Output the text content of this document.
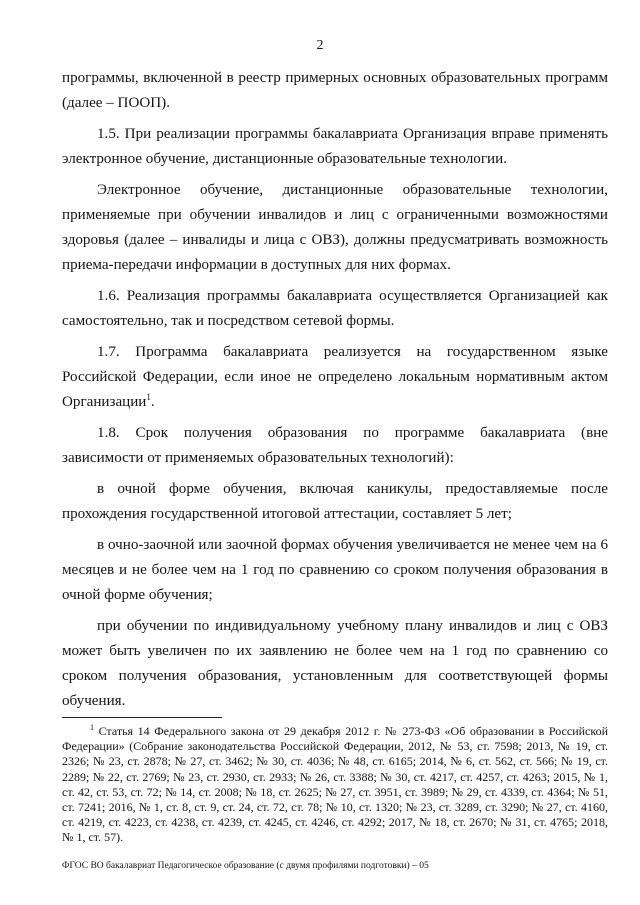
2

программы, включенной в реестр примерных основных образовательных программ (далее – ПООП).

1.5. При реализации программы бакалавриата Организация вправе применять электронное обучение, дистанционные образовательные технологии.

Электронное обучение, дистанционные образовательные технологии, применяемые при обучении инвалидов и лиц с ограниченными возможностями здоровья (далее – инвалиды и лица с ОВЗ), должны предусматривать возможность приема-передачи информации в доступных для них формах.

1.6. Реализация программы бакалавриата осуществляется Организацией как самостоятельно, так и посредством сетевой формы.

1.7. Программа бакалавриата реализуется на государственном языке Российской Федерации, если иное не определено локальным нормативным актом Организации$^1$.

1.8. Срок получения образования по программе бакалавриата (вне зависимости от применяемых образовательных технологий):

в очной форме обучения, включая каникулы, предоставляемые после прохождения государственной итоговой аттестации, составляет 5 лет;

в очно-заочной или заочной формах обучения увеличивается не менее чем на 6 месяцев и не более чем на 1 год по сравнению со сроком получения образования в очной форме обучения;

при обучении по индивидуальному учебному плану инвалидов и лиц с ОВЗ может быть увеличен по их заявлению не более чем на 1 год по сравнению со сроком получения образования, установленным для соответствующей формы обучения.

$^1$ Статья 14 Федерального закона от 29 декабря 2012 г. № 273-ФЗ «Об образовании в Российской Федерации» (Собрание законодательства Российской Федерации, 2012, № 53, ст. 7598; 2013, № 19, ст. 2326; № 23, ст. 2878; № 27, ст. 3462; № 30, ст. 4036; № 48, ст. 6165; 2014, № 6, ст. 562, ст. 566; № 19, ст. 2289; № 22, ст. 2769; № 23, ст. 2930, ст. 2933; № 26, ст. 3388; № 30, ст. 4217, ст. 4257, ст. 4263; 2015, № 1, ст. 42, ст. 53, ст. 72; № 14, ст. 2008; № 18, ст. 2625; № 27, ст. 3951, ст. 3989; № 29, ст. 4339, ст. 4364; № 51, ст. 7241; 2016, № 1, ст. 8, ст. 9, ст. 24, ст. 72, ст. 78; № 10, ст. 1320; № 23, ст. 3289, ст. 3290; № 27, ст. 4160, ст. 4219, ст. 4223, ст. 4238, ст. 4239, ст. 4245, ст. 4246, ст. 4292; 2017, № 18, ст. 2670; № 31, ст. 4765; 2018, № 1, ст. 57).
ФГОС ВО бакалавриат Педагогическое образование (с двумя профилями подготовки) – 05
